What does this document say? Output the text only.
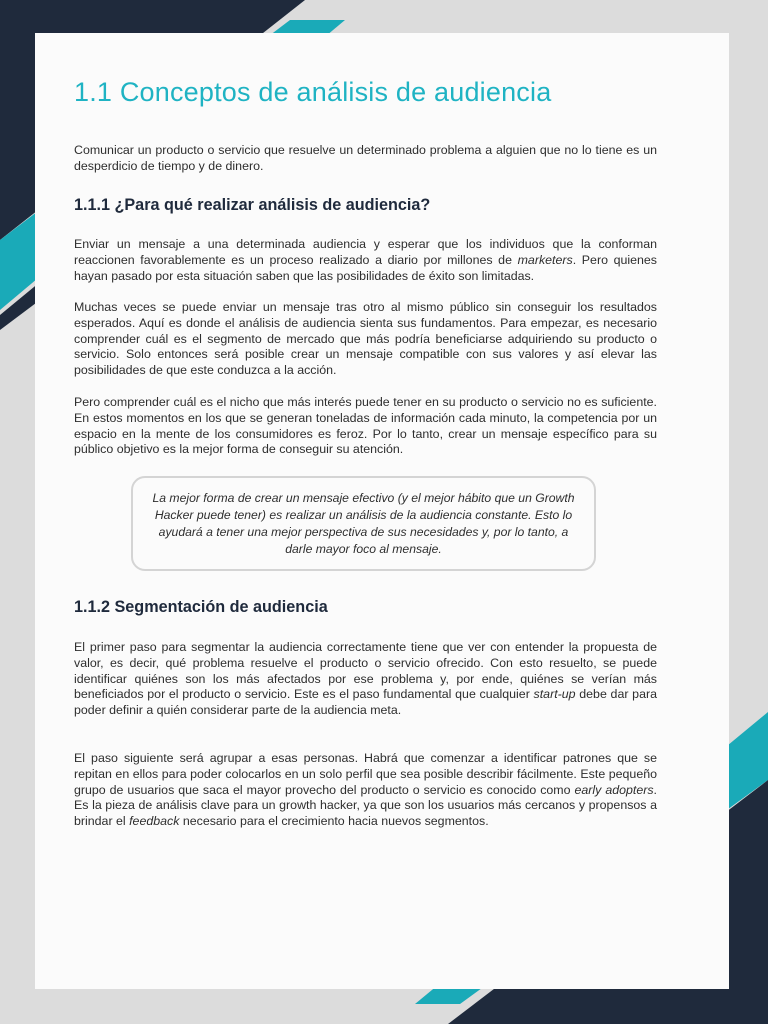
1.1 Conceptos de análisis de audiencia

Comunicar un producto o servicio que resuelve un determinado problema a alguien que no lo tiene es un desperdicio de tiempo y de dinero.

1.1.1 ¿Para qué realizar análisis de audiencia?

Enviar un mensaje a una determinada audiencia y esperar que los individuos que la conforman reaccionen favorablemente es un proceso realizado a diario por millones de marketers. Pero quienes hayan pasado por esta situación saben que las posibilidades de éxito son limitadas.

Muchas veces se puede enviar un mensaje tras otro al mismo público sin conseguir los resultados esperados. Aquí es donde el análisis de audiencia sienta sus fundamentos. Para empezar, es necesario comprender cuál es el segmento de mercado que más podría beneficiarse adquiriendo su producto o servicio. Solo entonces será posible crear un mensaje compatible con sus valores y así elevar las posibilidades de que este conduzca a la acción.

Pero comprender cuál es el nicho que más interés puede tener en su producto o servicio no es suficiente. En estos momentos en los que se generan toneladas de información cada minuto, la competencia por un espacio en la mente de los consumidores es feroz. Por lo tanto, crear un mensaje específico para su público objetivo es la mejor forma de conseguir su atención.

La mejor forma de crear un mensaje efectivo (y el mejor hábito que un Growth Hacker puede tener) es realizar un análisis de la audiencia constante. Esto lo ayudará a tener una mejor perspectiva de sus necesidades y, por lo tanto, a darle mayor foco al mensaje.
1.1.2 Segmentación de audiencia

El primer paso para segmentar la audiencia correctamente tiene que ver con entender la propuesta de valor, es decir, qué problema resuelve el producto o servicio ofrecido. Con esto resuelto, se puede identificar quiénes son los más afectados por ese problema y, por ende, quiénes se verían más beneficiados por el producto o servicio. Este es el paso fundamental que cualquier start-up debe dar para poder definir a quién considerar parte de la audiencia meta.

El paso siguiente será agrupar a esas personas. Habrá que comenzar a identificar patrones que se repitan en ellos para poder colocarlos en un solo perfil que sea posible describir fácilmente. Este pequeño grupo de usuarios que saca el mayor provecho del producto o servicio es conocido como early adopters. Es la pieza de análisis clave para un growth hacker, ya que son los usuarios más cercanos y propensos a brindar el feedback necesario para el crecimiento hacia nuevos segmentos.
